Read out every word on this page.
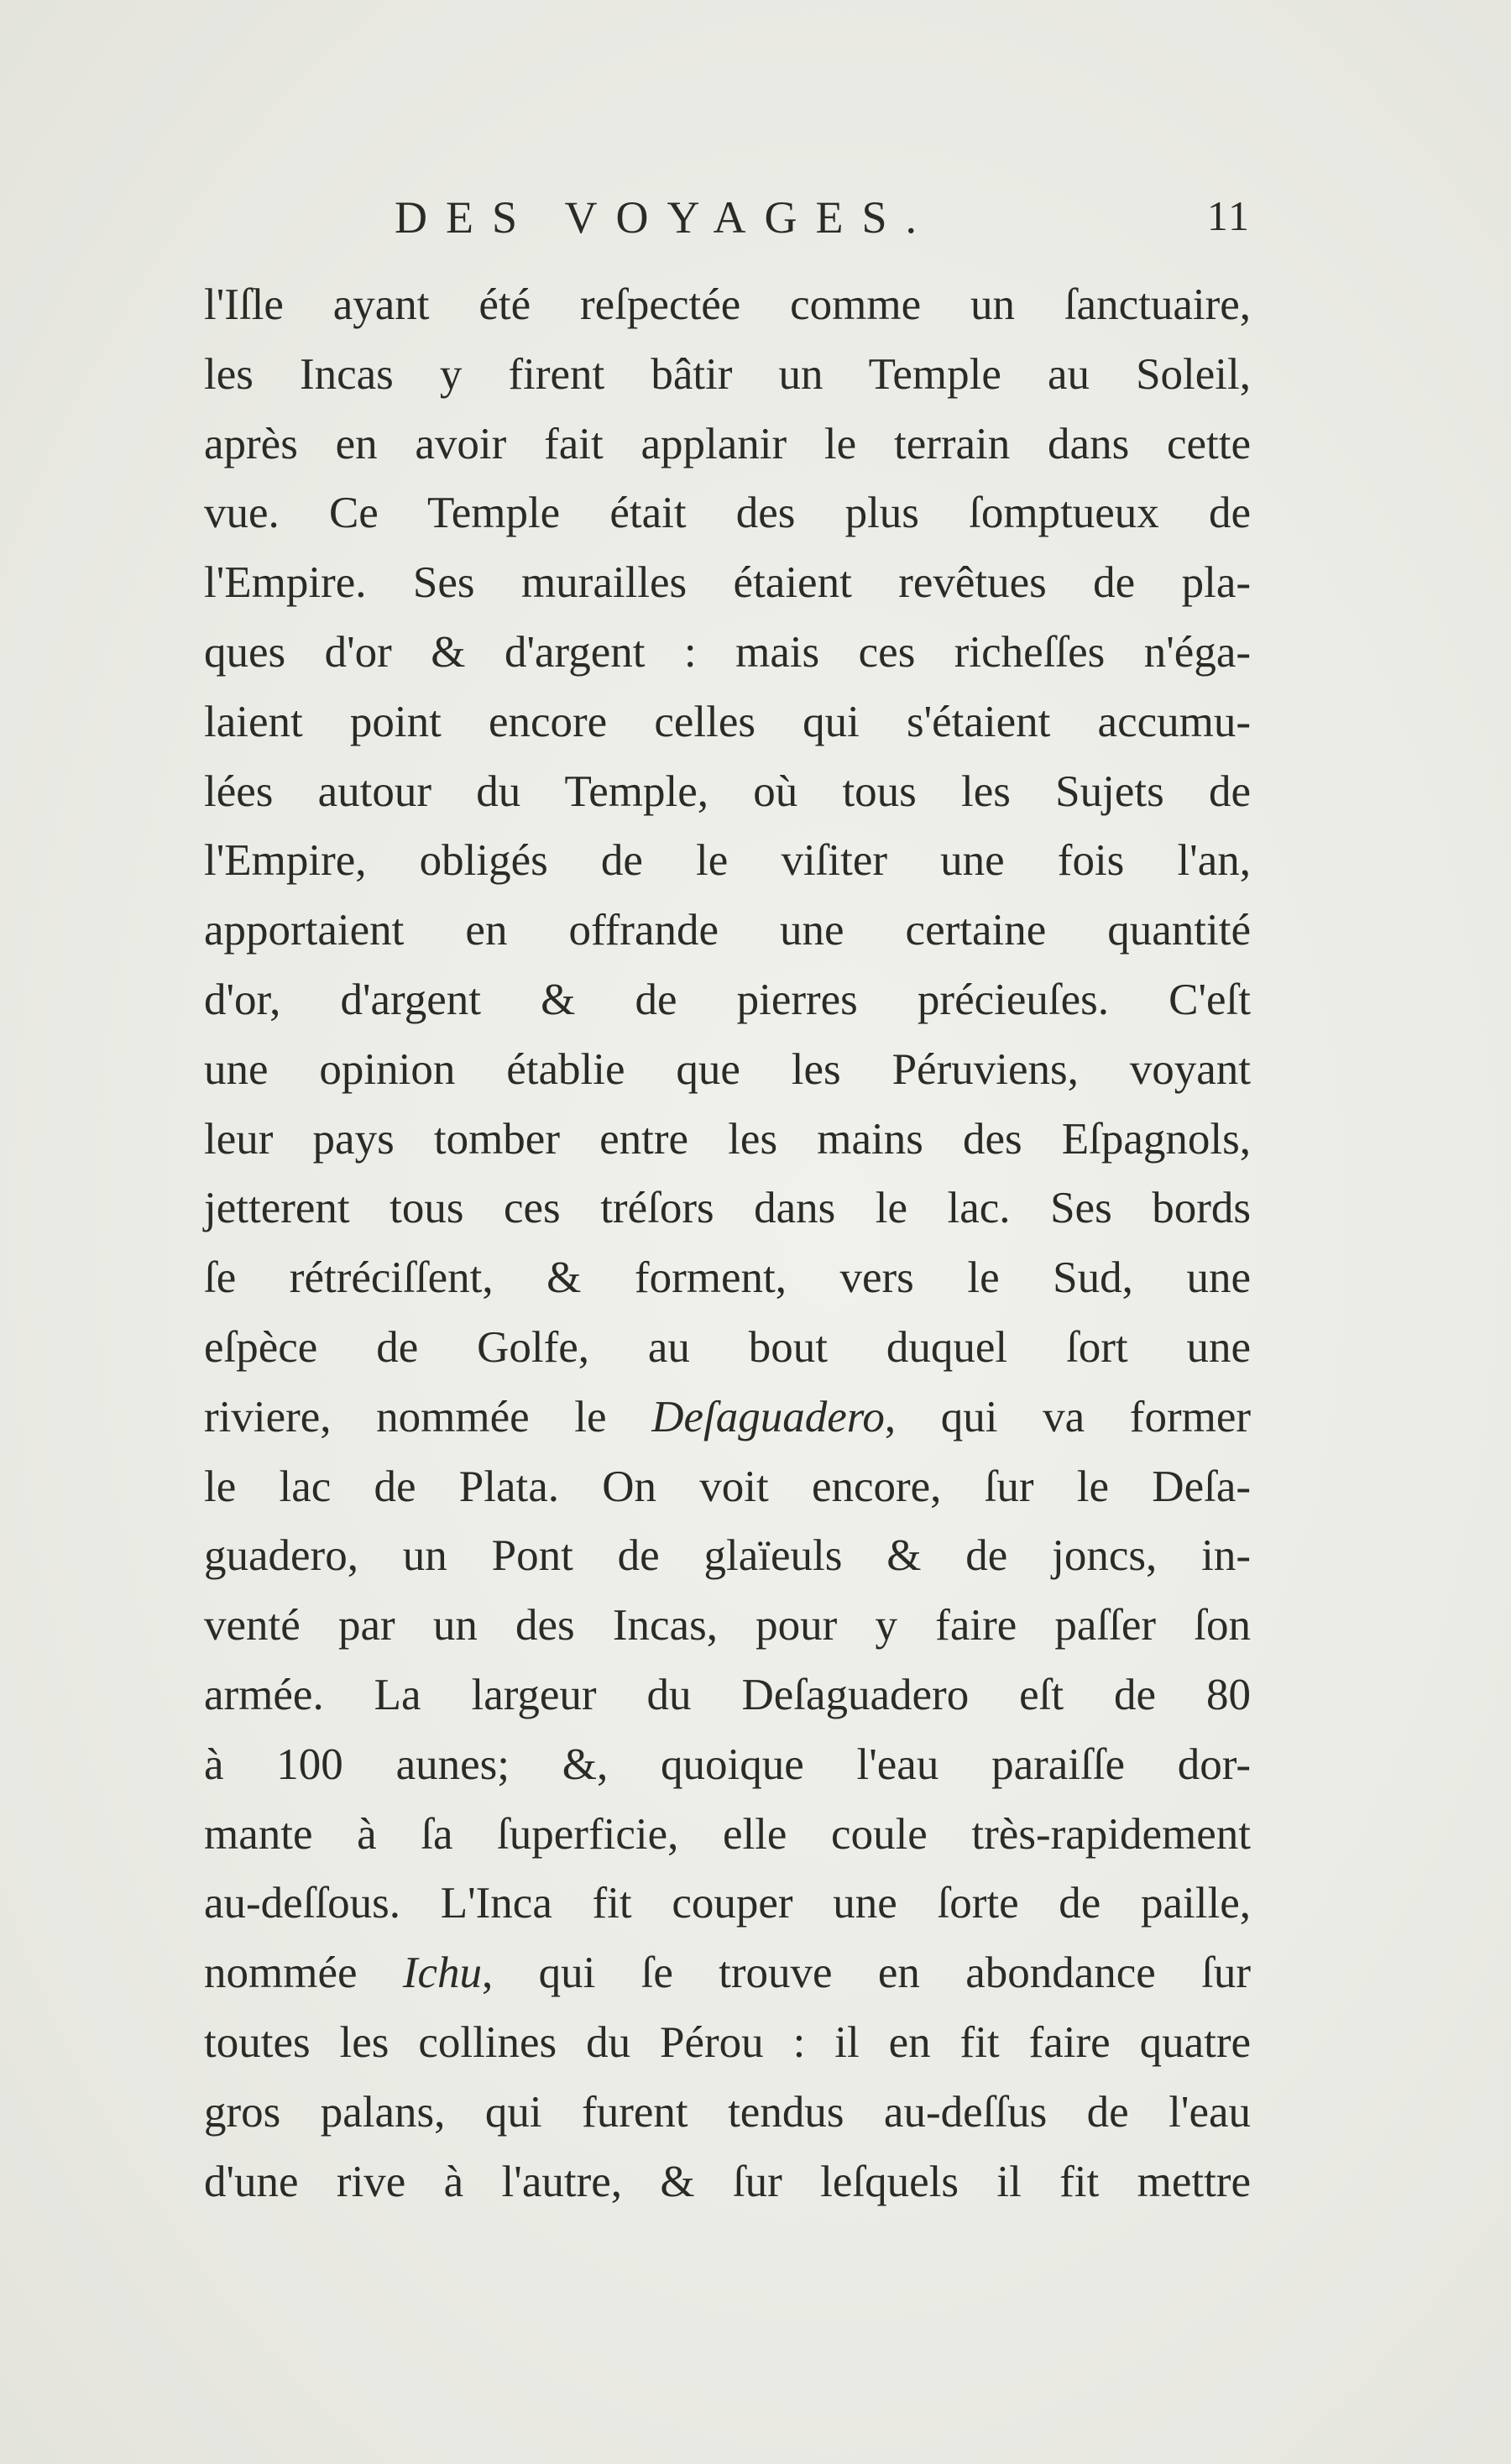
DES VOYAGES.	11
l'Iſle ayant été reſpectée comme un ſanctuaire,
les Incas y firent bâtir un Temple au Soleil,
après en avoir fait applanir le terrain dans cette
vue. Ce Temple était des plus ſomptueux de
l'Empire. Ses murailles étaient revêtues de pla-
ques d'or & d'argent : mais ces richeſſes n'éga-
laient point encore celles qui s'étaient accumu-
lées autour du Temple, où tous les Sujets de
l'Empire, obligés de le viſiter une fois l'an,
apportaient en offrande une certaine quantité
d'or, d'argent & de pierres précieuſes. C'eſt
une opinion établie que les Péruviens, voyant
leur pays tomber entre les mains des Eſpagnols,
jetterent tous ces tréſors dans le lac. Ses bords
ſe rétréciſſent, & forment, vers le Sud, une
eſpèce de Golfe, au bout duquel ſort une
riviere, nommée le Deſaguadero, qui va former
le lac de Plata. On voit encore, ſur le Deſa-
guadero, un Pont de glaïeuls & de joncs, in-
venté par un des Incas, pour y faire paſſer ſon
armée. La largeur du Deſaguadero eſt de 80
à 100 aunes; &, quoique l'eau paraiſſe dor-
mante à ſa ſuperficie, elle coule très-rapidement
au-deſſous. L'Inca fit couper une ſorte de paille,
nommée Ichu, qui ſe trouve en abondance ſur
toutes les collines du Pérou : il en fit faire quatre
gros palans, qui furent tendus au-deſſus de l'eau
d'une rive à l'autre, & ſur leſquels il fit mettre
